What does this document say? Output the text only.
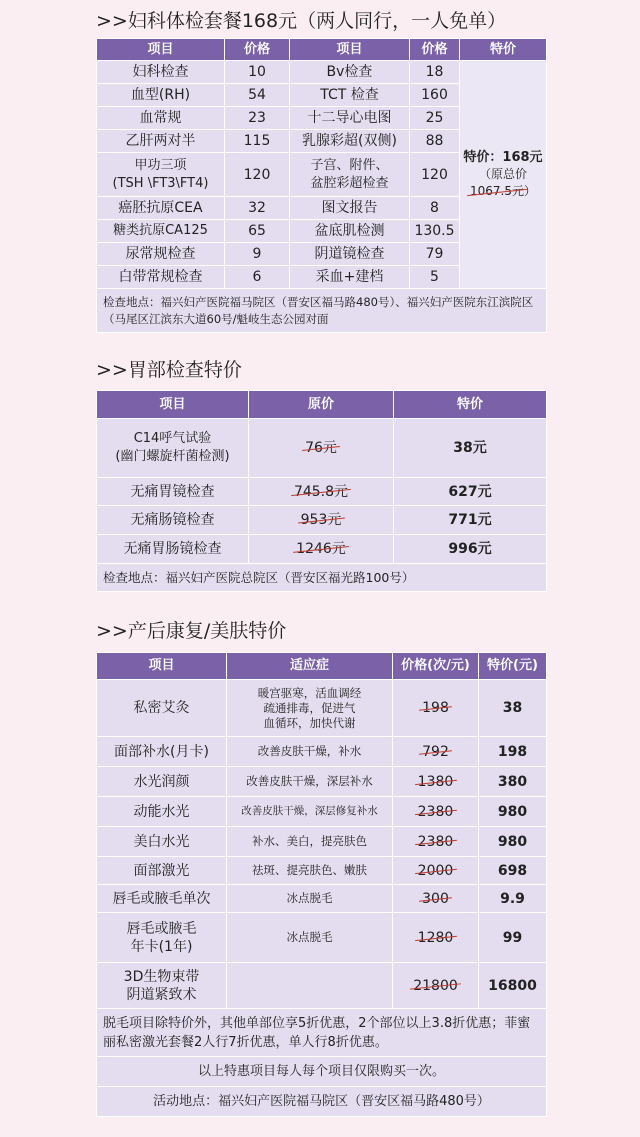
>>妇科体检套餐168元（两人同行，一人免单）
项目	价格	项目	价格	特价
妇科检查	10	Bv检查	18	特价：168元
（原总价
1067.5元）

血型(RH)	54	TCT 检查	160	
血常规	23	十二导心电图	25	
乙肝两对半	115	乳腺彩超(双侧)	88	
甲功三项
(TSH \FT3\FT4)	120	子宫、附件、
盆腔彩超检查	120	
癌胚抗原CEA	32	图文报告	8	
糖类抗原CA125	65	盆底肌检测	130.5	
尿常规检查	9	阴道镜检查	79	
白带常规检查	6	采血+建档	5	
检查地点：福兴妇产医院福马院区（晋安区福马路480号）、福兴妇产医院东江滨院区（马尾区江滨东大道60号/魁岐生态公园对面				
>>胃部检查特价
项目	原价	特价
C14呼气试验
(幽门螺旋杆菌检测)	76元	38元
无痛胃镜检查	745.8元	627元
无痛肠镜检查	953元	771元
无痛胃肠镜检查	1246元	996元
检查地点：福兴妇产医院总院区（晋安区福光路100号）		
>>产后康复/美肤特价
项目	适应症	价格(次/元)	特价(元)
私密艾灸	暖宫驱寒，活血调经
疏通排毒，促进气
血循环，加快代谢	198	38
面部补水(月卡)	改善皮肤干燥，补水	792	198
水光润颜	改善皮肤干燥，深层补水	1380	380
动能水光	改善皮肤干燥，深层修复补水	2380	980
美白水光	补水、美白，提亮肤色	2380	980
面部激光	祛斑、提亮肤色、嫩肤	2000	698
唇毛或腋毛单次	冰点脱毛	300	9.9
唇毛或腋毛
年卡(1年)	冰点脱毛	1280	99
3D生物束带
阴道紧致术		21800	16800
脱毛项目除特价外，其他单部位享5折优惠，2个部位以上3.8折优惠；菲蜜丽私密激光套餐2人行7折优惠，单人行8折优惠。			
以上特惠项目每人每个项目仅限购买一次。			
活动地点：福兴妇产医院福马院区（晋安区福马路480号）			
